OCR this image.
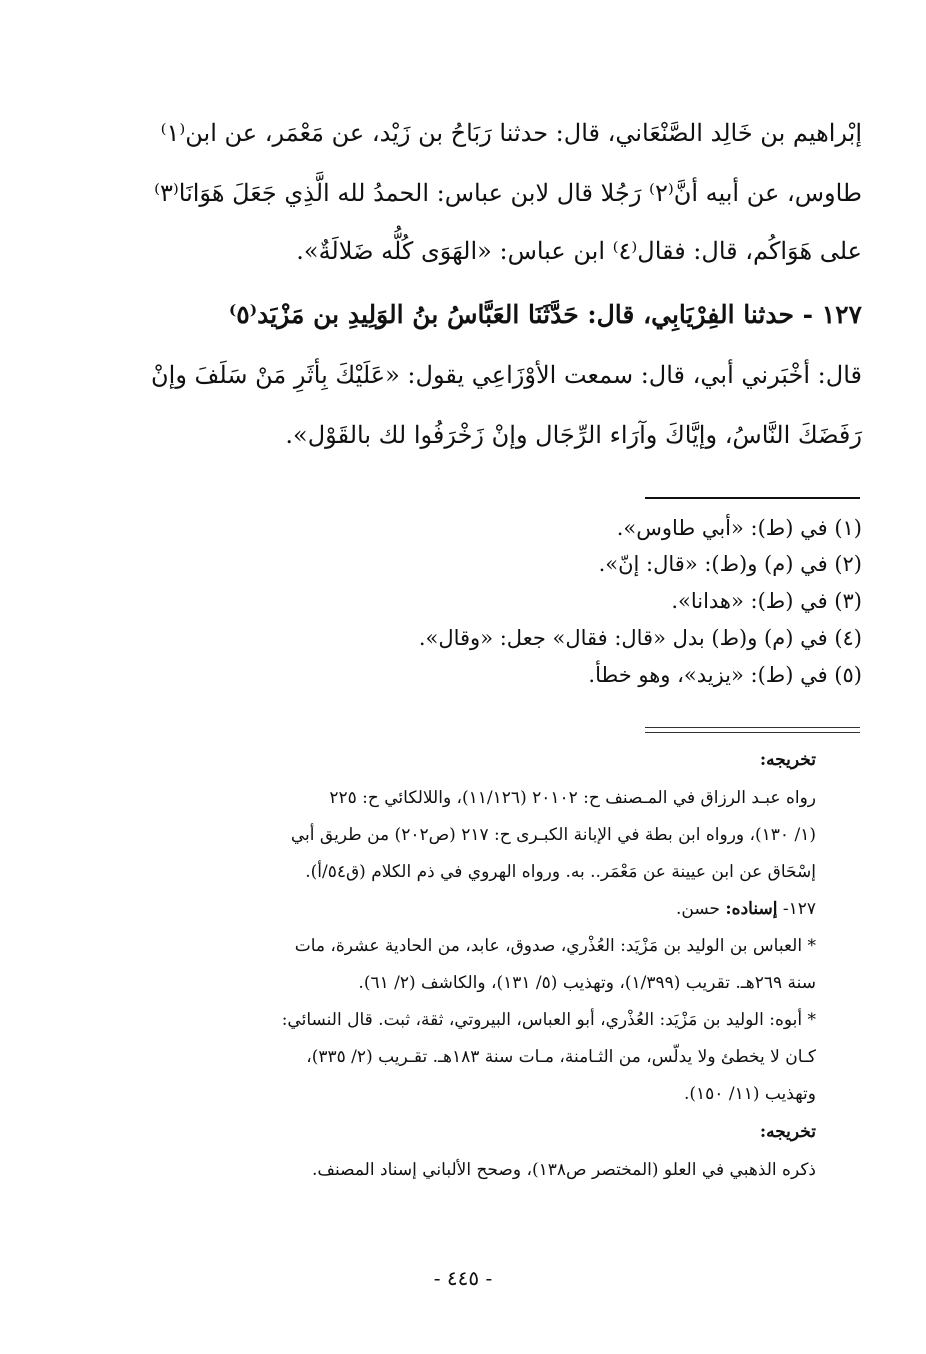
إبْراهيم بن خَالِد الصَّنْعَاني، قال: حدثنا رَبَاحُ بن زَيْد، عن مَعْمَر، عن ابن⁽١⁾
طاوس، عن أبيه أنَّ⁽٢⁾ رَجُلا قال لابن عباس: الحمدُ لله الَّذِي جَعَلَ هَوَانَا⁽٣⁾
على هَوَاكُم، قال: فقال⁽٤⁾ ابن عباس: «الهَوَى كُلُّه ضَلالَةٌ».
١٢٧ - حدثنا الفِرْيَابِي، قال: حَدَّثَنَا العَبَّاسُ بنُ الوَلِيدِ بن مَزْيَد⁽٥⁾
قال: أخْبَرني أبي، قال: سمعت الأوْزَاعِي يقول: «عَلَيْكَ بِأثَرِ مَنْ سَلَفَ وإنْ
رَفَضَكَ النَّاسُ، وإيَّاكَ وآرَاء الرِّجَال وإنْ زَخْرَفُوا لك بالقَوْل».
(١) في (ط): «أبي طاوس».
(٢) في (م) و(ط): «قال: إنّ».
(٣) في (ط): «هدانا».
(٤) في (م) و(ط) بدل «قال: فقال» جعل: «وقال».
(٥) في (ط): «يزيد»، وهو خطأ.
تخريجه:
رواه عبـد الرزاق في المـصنف ح: ٢٠١٠٢ (١١/١٢٦)، واللالكائي ح: ٢٢٥
(١/ ١٣٠)، ورواه ابن بطة في الإبانة الكبـرى ح: ٢١٧ (ص٢٠٢) من طريق أبي
إسْحَاق عن ابن عيينة عن مَعْمَر.. به. ورواه الهروي في ذم الكلام (ق٥٤/أ).
١٢٧- إسناده: حسن.
* العباس بن الوليد بن مَزْيَد: العُذْري، صدوق، عابد، من الحادية عشرة، مات
سنة ٢٦٩هـ. تقريب (١/٣٩٩)، وتهذيب (٥/ ١٣١)، والكاشف (٢/ ٦١).
* أبوه: الوليد بن مَزْيَد: العُذْري، أبو العباس، البيروتي، ثقة، ثبت. قال النسائي:
كـان لا يخطئ ولا يدلّس، من الثـامنة، مـات سنة ١٨٣هـ. تقـريب (٢/ ٣٣٥)،
وتهذيب (١١/ ١٥٠).
تخريجه:
ذكره الذهبي في العلو (المختصر ص١٣٨)، وصحح الألباني إسناد المصنف.
- ٤٤٥ -
